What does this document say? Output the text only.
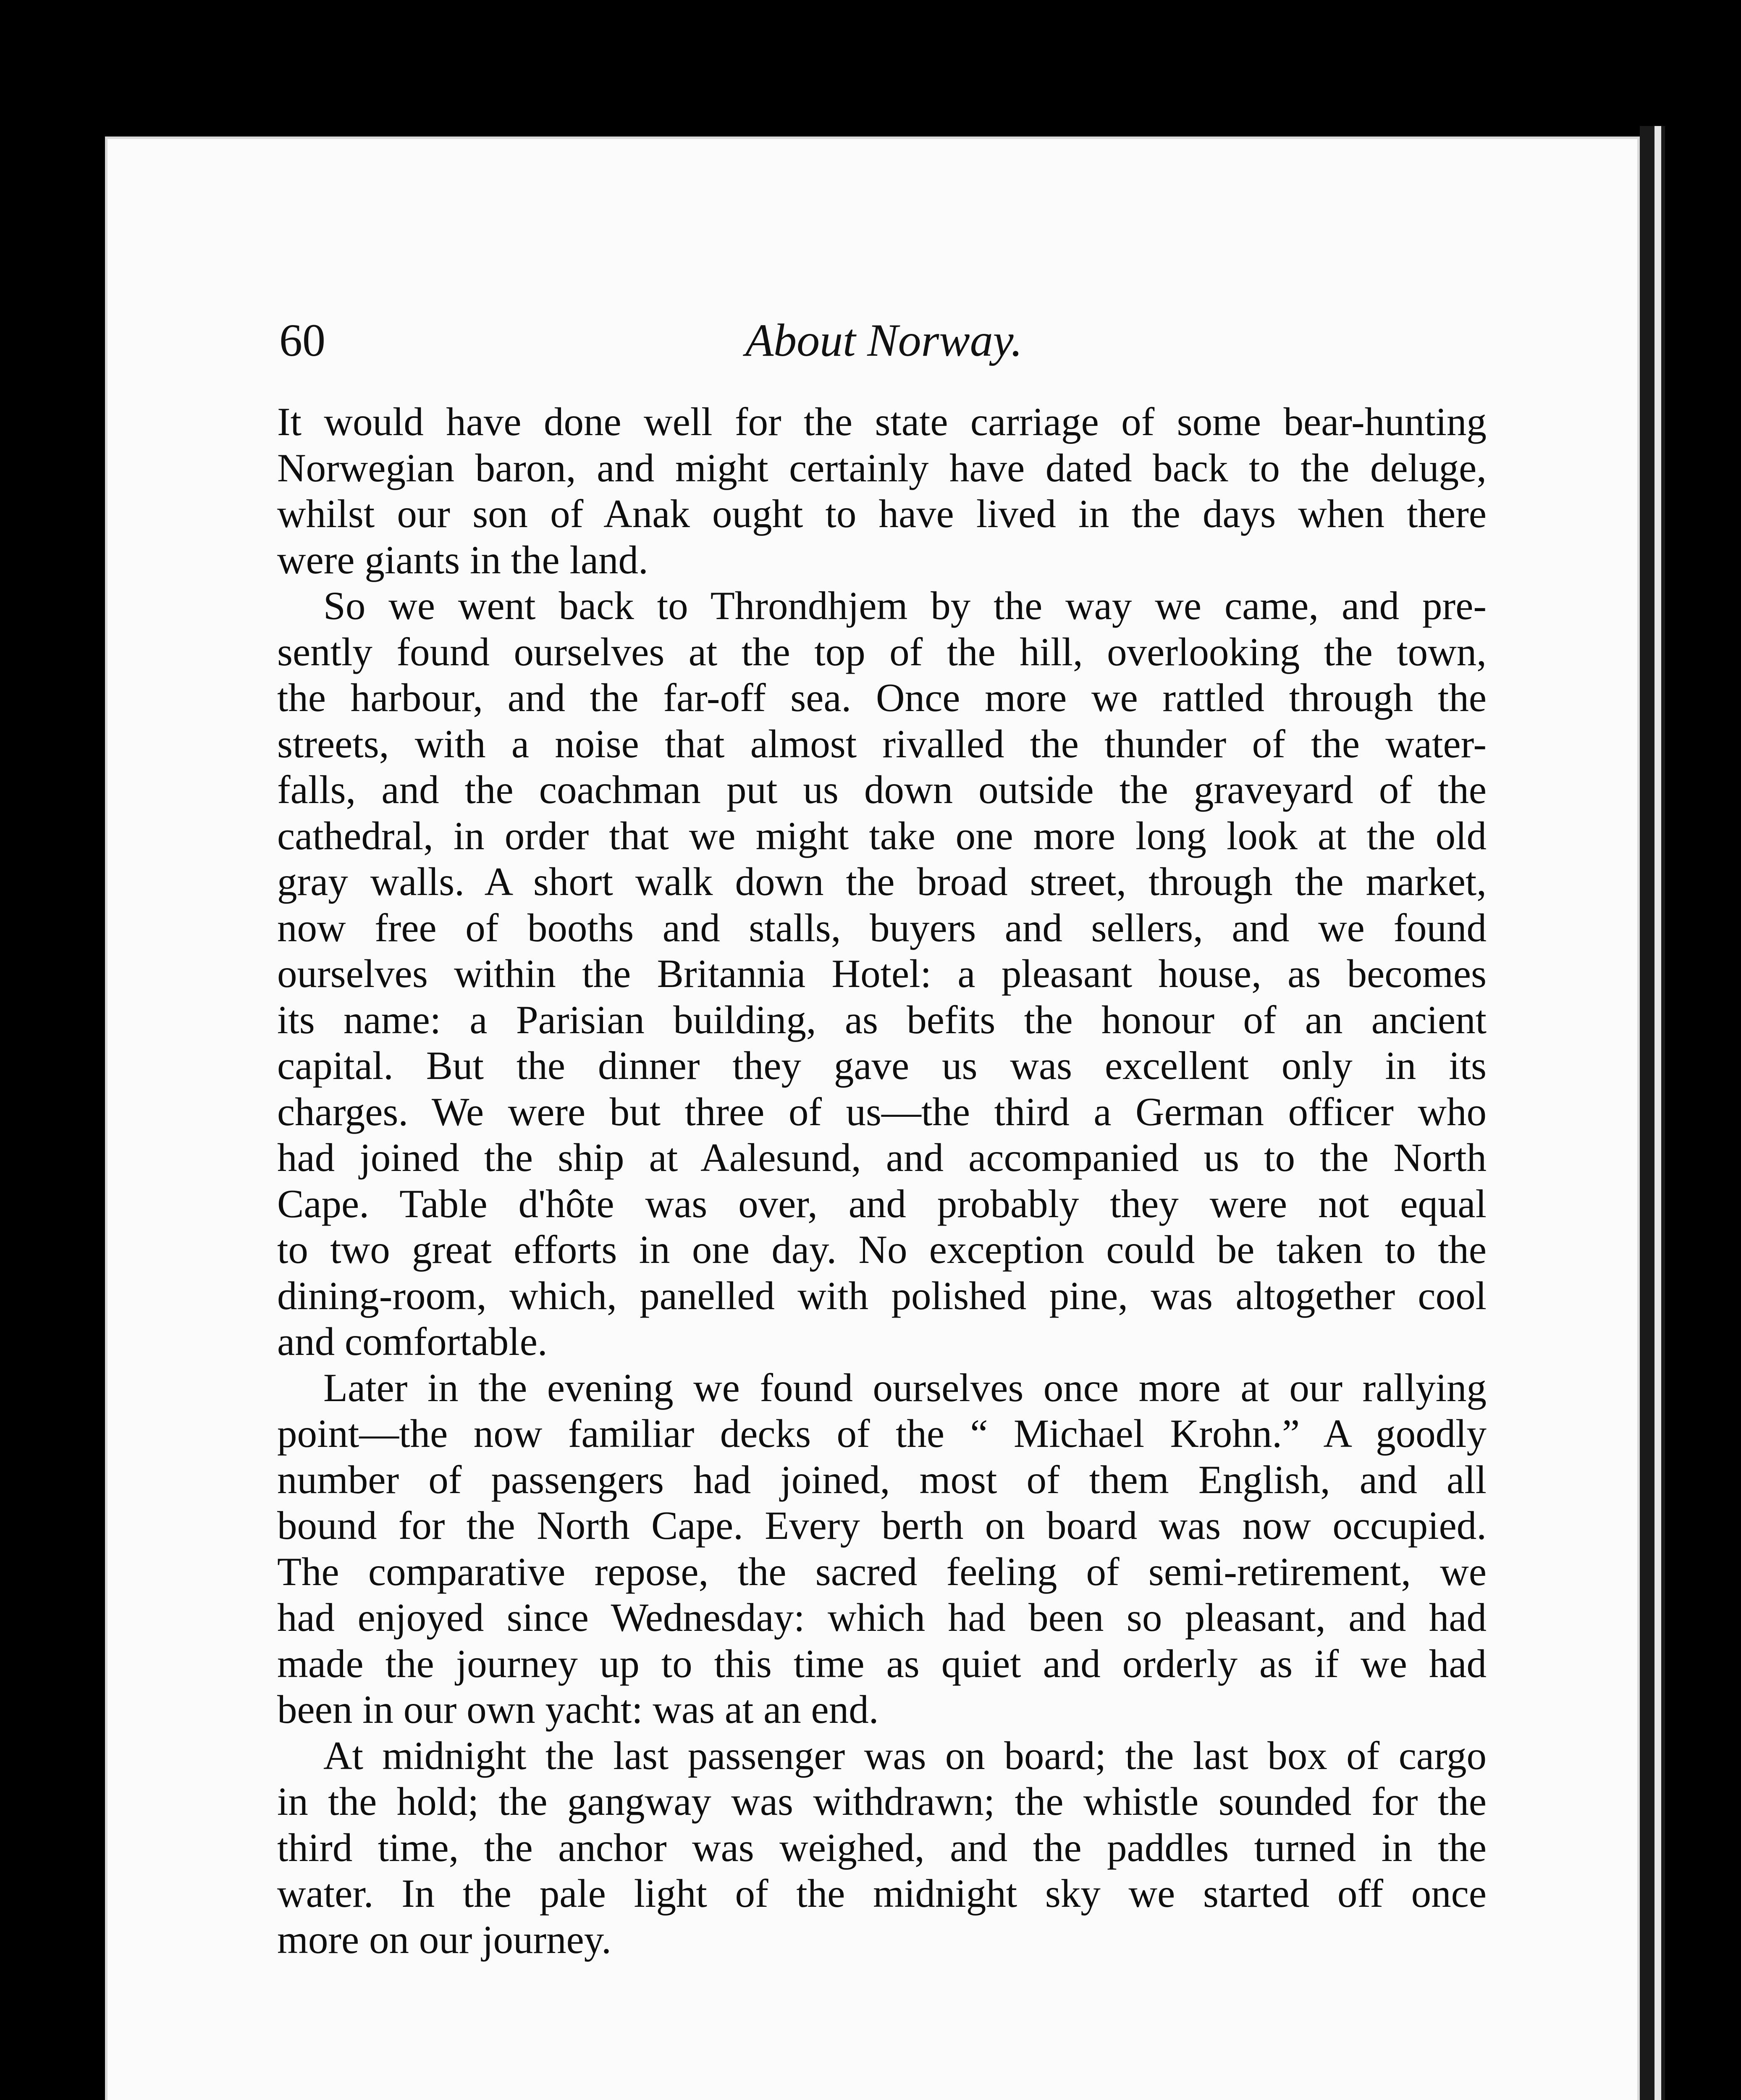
60	About Norway.
It would have done well for the state carriage of some bear-hunting
Norwegian baron, and might certainly have dated back to the deluge,
whilst our son of Anak ought to have lived in the days when there
were giants in the land.
So we went back to Throndhjem by the way we came, and pre-
sently found ourselves at the top of the hill, overlooking the town,
the harbour, and the far-off sea. Once more we rattled through the
streets, with a noise that almost rivalled the thunder of the water-
falls, and the coachman put us down outside the graveyard of the
cathedral, in order that we might take one more long look at the old
gray walls. A short walk down the broad street, through the market,
now free of booths and stalls, buyers and sellers, and we found
ourselves within the Britannia Hotel: a pleasant house, as becomes
its name: a Parisian building, as befits the honour of an ancient
capital. But the dinner they gave us was excellent only in its
charges. We were but three of us—the third a German officer who
had joined the ship at Aalesund, and accompanied us to the North
Cape. Table d'hôte was over, and probably they were not equal
to two great efforts in one day. No exception could be taken to the
dining-room, which, panelled with polished pine, was altogether cool
and comfortable.
Later in the evening we found ourselves once more at our rallying
point—the now familiar decks of the “ Michael Krohn.” A goodly
number of passengers had joined, most of them English, and all
bound for the North Cape. Every berth on board was now occupied.
The comparative repose, the sacred feeling of semi-retirement, we
had enjoyed since Wednesday: which had been so pleasant, and had
made the journey up to this time as quiet and orderly as if we had
been in our own yacht: was at an end.
At midnight the last passenger was on board; the last box of cargo
in the hold; the gangway was withdrawn; the whistle sounded for the
third time, the anchor was weighed, and the paddles turned in the
water. In the pale light of the midnight sky we started off once
more on our journey.
